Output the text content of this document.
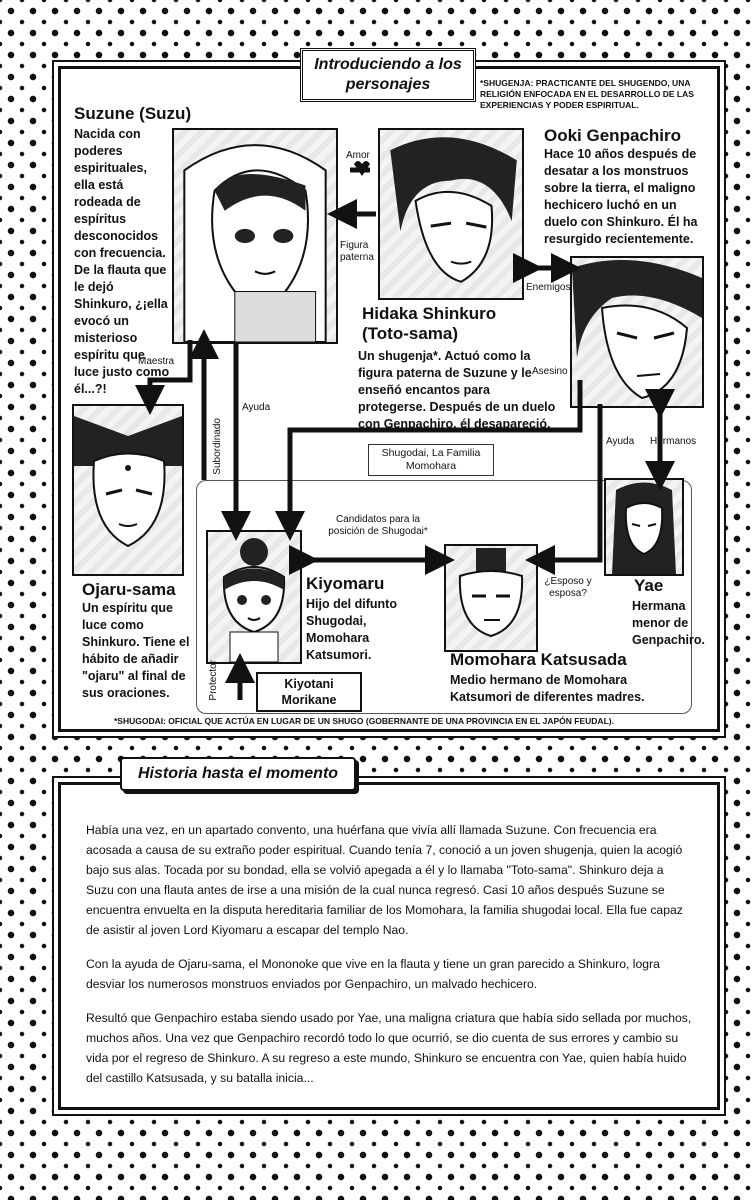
Introduciendo a los personajes	*SHUGENJA: PRACTICANTE DEL SHUGENDO, UNA RELIGIÓN ENFOCADA EN EL DESARROLLO DE LAS EXPERIENCIAS Y PODER ESPIRITUAL.
Shugodai, La Familia Momohara
Suzune (Suzu)
Nacida con poderes espirituales, ella está rodeada de espíritus desconocidos con frecuencia. De la flauta que le dejó Shinkuro, ¿¡ella evocó un misterioso espíritu que luce justo como él...?!
Ooki Genpachiro
Hace 10 años después de desatar a los monstruos sobre la tierra, el maligno hechicero luchó en un duelo con Shinkuro. Él ha resurgido recientemente.
Hidaka Shinkuro (Toto-sama)
Un shugenja*. Actuó como la figura paterna de Suzune y le enseñó encantos para protegerse. Después de un duelo con Genpachiro, él desapareció.
Ojaru-sama
Un espíritu que luce como Shinkuro. Tiene el hábito de añadir "ojaru" al final de sus oraciones.
Kiyomaru
Hijo del difunto Shugodai, Momohara Katsumori.
Yae
Hermana menor de Genpachiro.
Momohara Katsusada
Medio hermano de Momohara Katsumori de diferentes madres.
Kiyotani Morikane
Amor
Figura paterna
Enemigos
Asesino
Maestra
Subordinado
Ayuda
Ayuda Hermanos
Candidatos para la posición de Shugodai*
¿Esposo y esposa?
Protector
*SHUGODAI: OFICIAL QUE ACTÚA EN LUGAR DE UN SHUGO (GOBERNANTE DE UNA PROVINCIA EN EL JAPÓN FEUDAL).
Historia hasta el momento

Había una vez, en un apartado convento, una huérfana que vivía allí llamada Suzune. Con frecuencia era acosada a causa de su extraño poder espiritual. Cuando tenía 7, conoció a un joven shugenja, quien la acogió bajo sus alas. Tocada por su bondad, ella se volvió apegada a él y lo llamaba "Toto-sama". Shinkuro deja a Suzu con una flauta antes de irse a una misión de la cual nunca regresó. Casi 10 años después Suzune se encuentra envuelta en la disputa hereditaria familiar de los Momohara, la familia shugodai local. Ella fue capaz de asistir al joven Lord Kiyomaru a escapar del templo Nao.

Con la ayuda de Ojaru-sama, el Mononoke que vive en la flauta y tiene un gran parecido a Shinkuro, logra desviar los numerosos monstruos enviados por Genpachiro, un malvado hechicero.

Resultó que Genpachiro estaba siendo usado por Yae, una maligna criatura que había sido sellada por muchos, muchos años. Una vez que Genpachiro recordó todo lo que ocurrió, se dio cuenta de sus errores y cambio su vida por el regreso de Shinkuro. A su regreso a este mundo, Shinkuro se encuentra con Yae, quien había huido del castillo Katsusada, y su batalla inicia...
